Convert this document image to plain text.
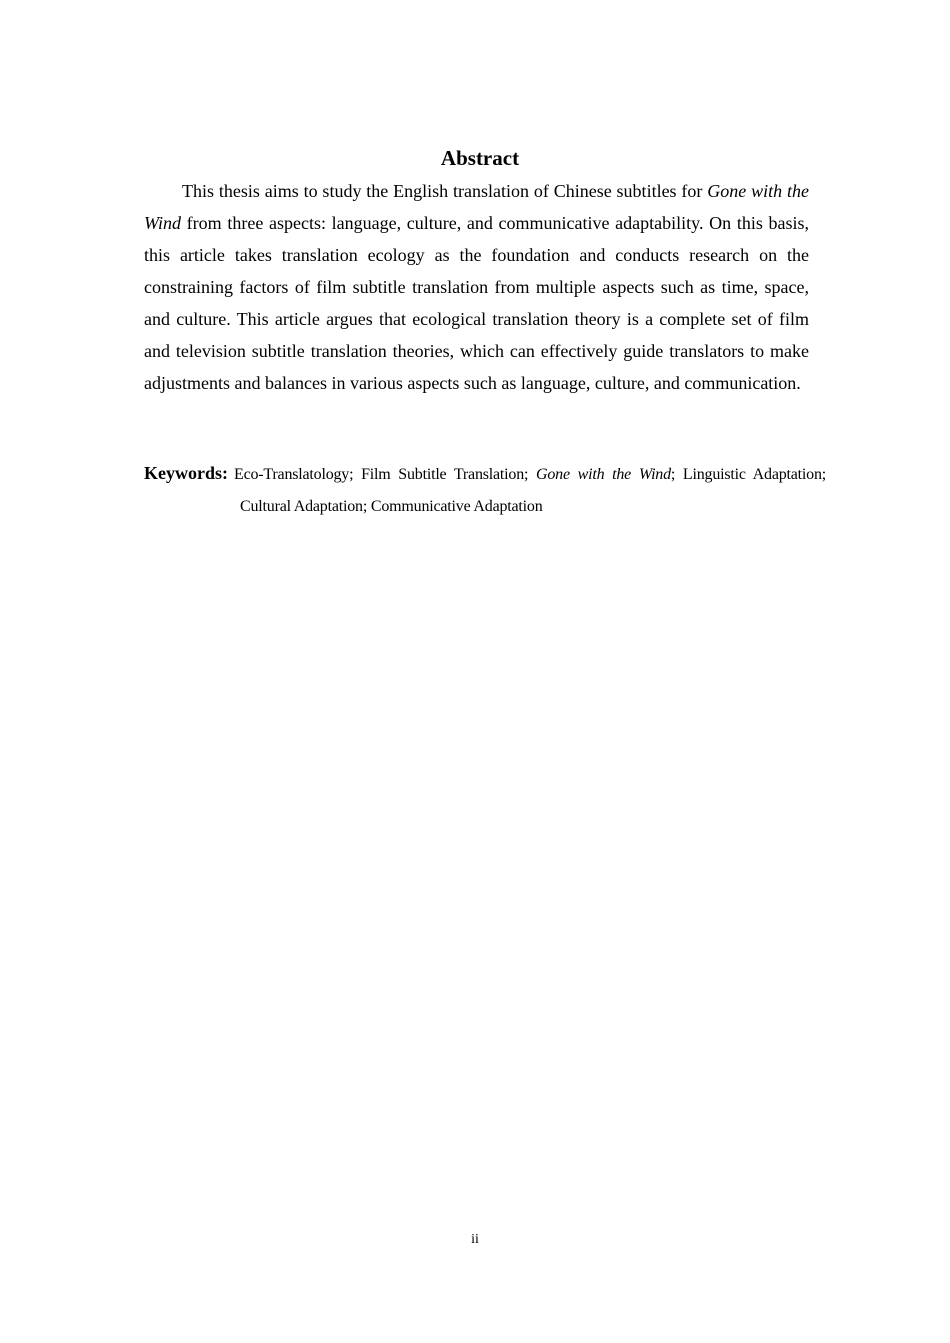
Abstract

This thesis aims to study the English translation of Chinese subtitles for Gone with the Wind from three aspects: language, culture, and communicative adaptability. On this basis, this article takes translation ecology as the foundation and conducts research on the constraining factors of film subtitle translation from multiple aspects such as time, space, and culture. This article argues that ecological translation theory is a complete set of film and television subtitle translation theories, which can effectively guide translators to make adjustments and balances in various aspects such as language, culture, and communication.

Keywords: Eco-Translatology; Film Subtitle Translation; Gone with the Wind; Linguistic Adaptation; Cultural Adaptation; Communicative Adaptation

ii
